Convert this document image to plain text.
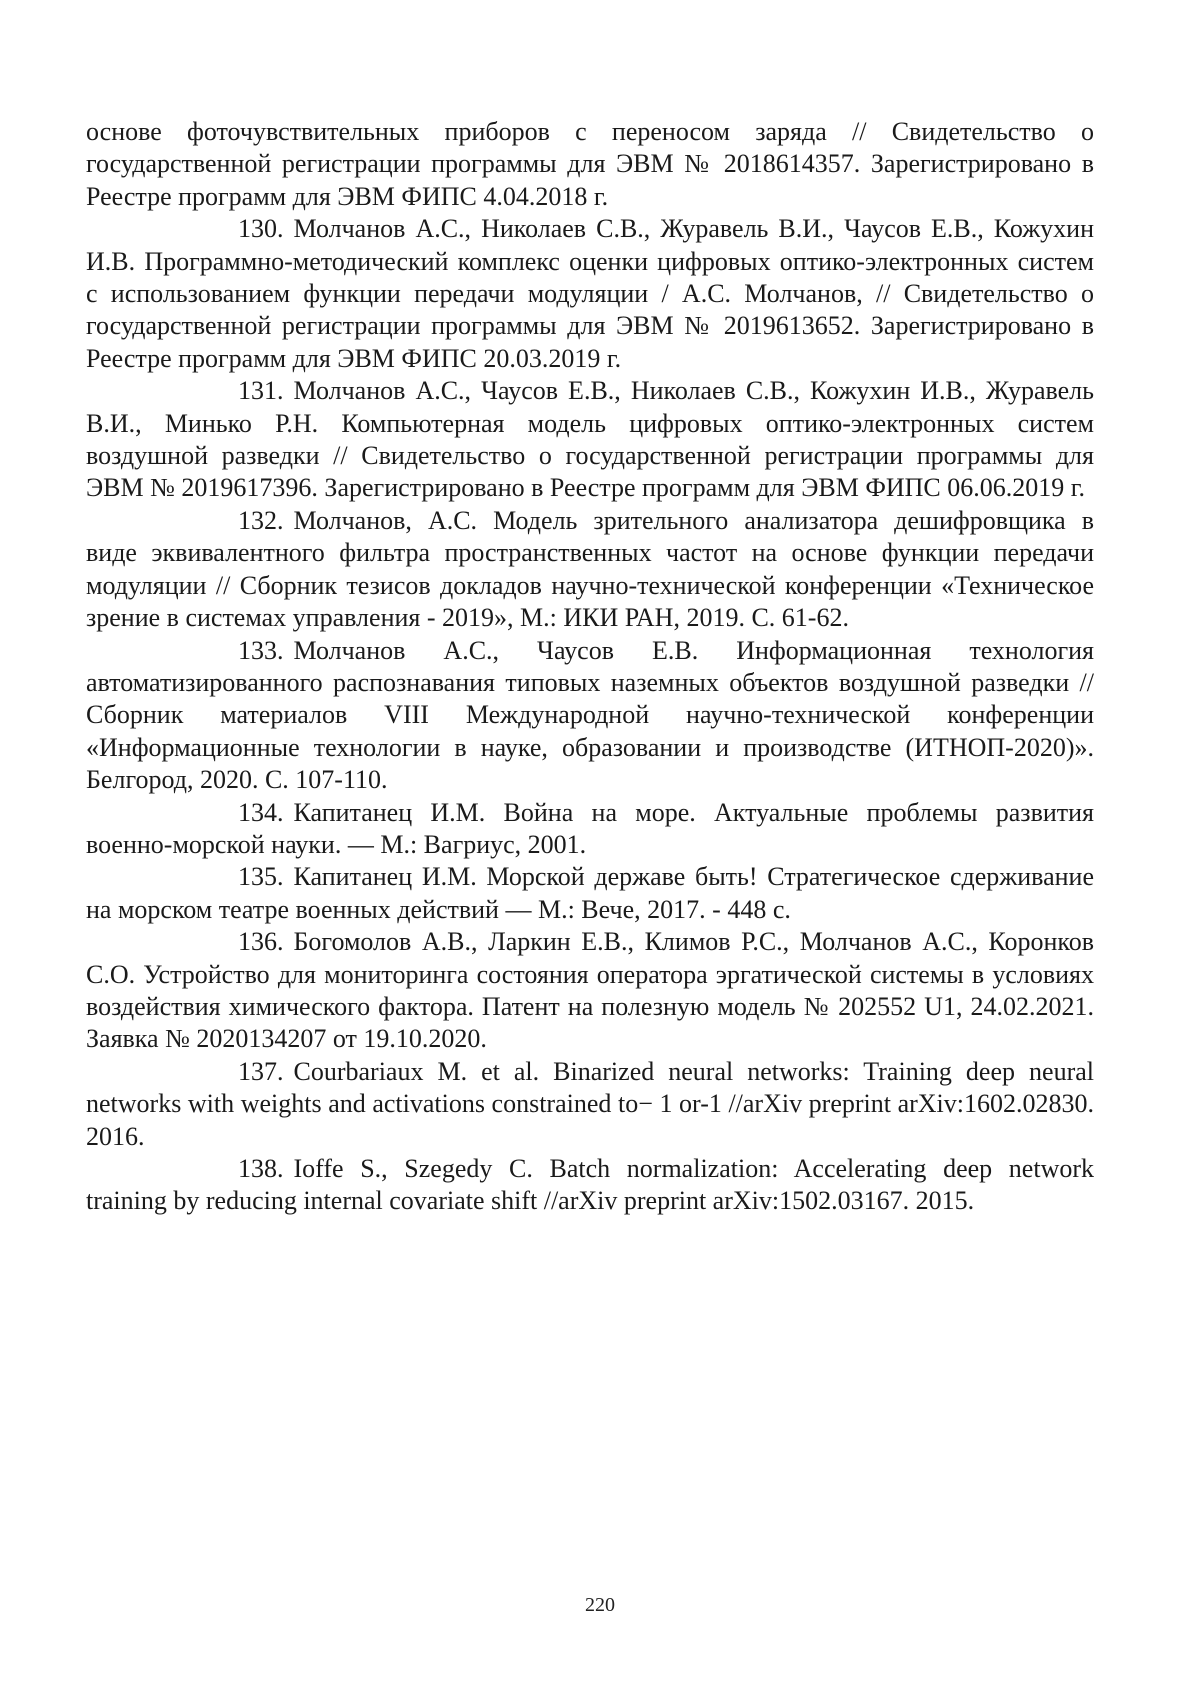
основе фоточувствительных приборов с переносом заряда // Свидетельство о государственной регистрации программы для ЭВМ № 2018614357. Зарегистрировано в Реестре программ для ЭВМ ФИПС 4.04.2018 г.

130. Молчанов А.С., Николаев С.В., Журавель В.И., Чаусов Е.В., Кожухин И.В. Программно-методический комплекс оценки цифровых оптико-электронных систем с использованием функции передачи модуляции / А.С. Молчанов, // Свидетельство о государственной регистрации программы для ЭВМ № 2019613652. Зарегистрировано в Реестре программ для ЭВМ ФИПС 20.03.2019 г.

131. Молчанов А.С., Чаусов Е.В., Николаев С.В., Кожухин И.В., Журавель В.И., Минько Р.Н. Компьютерная модель цифровых оптико-электронных систем воздушной разведки // Свидетельство о государственной регистрации программы для ЭВМ № 2019617396. Зарегистрировано в Реестре программ для ЭВМ ФИПС 06.06.2019 г.

132. Молчанов, А.С. Модель зрительного анализатора дешифровщика в виде эквивалентного фильтра пространственных частот на основе функции передачи модуляции // Сборник тезисов докладов научно-технической конференции «Техническое зрение в системах управления - 2019», М.: ИКИ РАН, 2019. С. 61-62.

133. Молчанов А.С., Чаусов Е.В. Информационная технология автоматизированного распознавания типовых наземных объектов воздушной разведки // Сборник материалов VIII Международной научно-технической конференции «Информационные технологии в науке, образовании и производстве (ИТНОП-2020)». Белгород, 2020. С. 107-110.

134. Капитанец И.М. Война на море. Актуальные проблемы развития военно-морской науки. — М.: Вагриус, 2001.

135. Капитанец И.М. Морской державе быть! Стратегическое сдерживание на морском театре военных действий — М.: Вече, 2017. - 448 с.

136. Богомолов А.В., Ларкин Е.В., Климов Р.С., Молчанов А.С., Коронков С.О. Устройство для мониторинга состояния оператора эргатической системы в условиях воздействия химического фактора. Патент на полезную модель № 202552 U1, 24.02.2021. Заявка № 2020134207 от 19.10.2020.

137. Courbariaux M. et al. Binarized neural networks: Training deep neural networks with weights and activations constrained to− 1 or-1 //arXiv preprint arXiv:1602.02830. 2016.

138. Ioffe S., Szegedy C. Batch normalization: Accelerating deep network training by reducing internal covariate shift //arXiv preprint arXiv:1502.03167. 2015.

220
